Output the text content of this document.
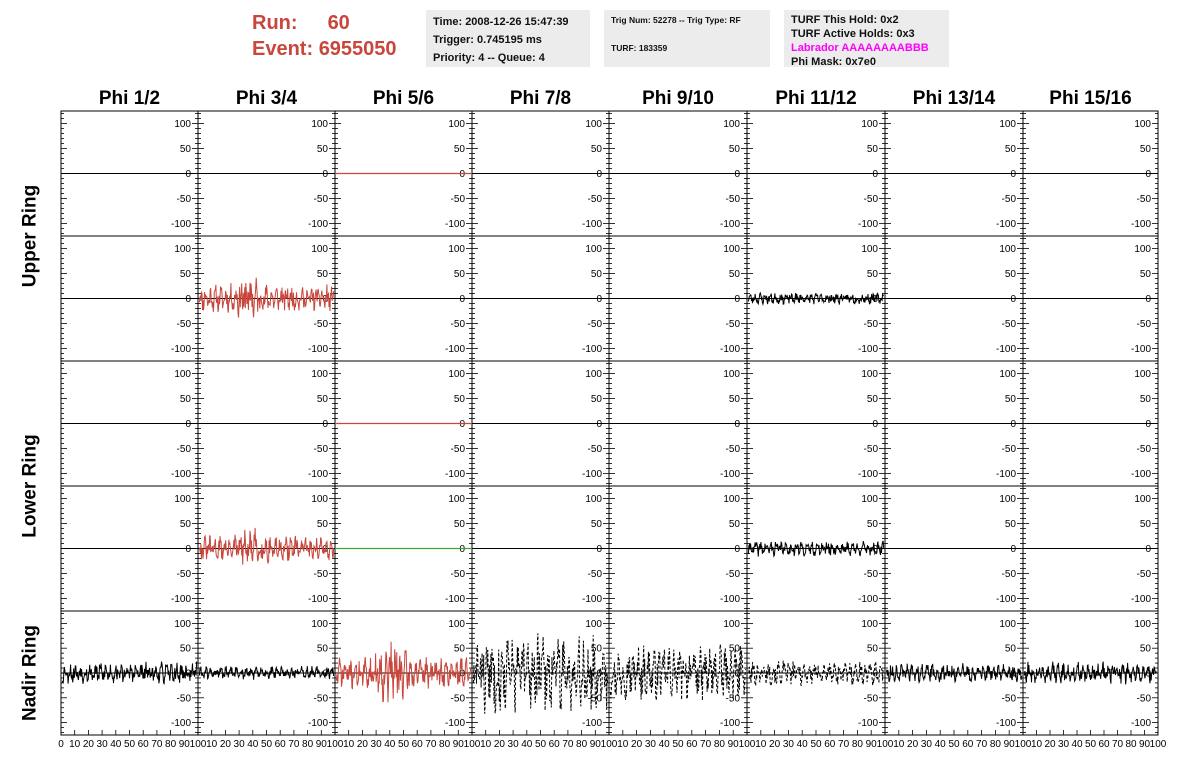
Run: 60
Event: 6955050
Time: 2008-12-26 15:47:39
Trigger: 0.745195 ms
Priority: 4 -- Queue: 4
Trig Num: 52278 -- Trig Type: RF
TURF: 183359
TURF This Hold: 0x2
TURF Active Holds: 0x3
Labrador AAAAAAAABBB
Phi Mask: 0x7e0
Phi 1/2	Phi 3/4	Phi 5/6	Phi 7/8	Phi 9/10	Phi 11/12	Phi 13/14	Phi 15/16
Upper Ring
Lower Ring
Nadir Ring
100
50
0
-50
-100
100
50
0
-50
-100
100
50
0
-50
-100
100
50
0
-50
-100
100
50
0
-50
-100
100
50
0
-50
-100
100
50
0
-50
-100
100
50
0
-50
-100
100
50
0
-50
-100
100
50
0
-50
-100
100
50
0
-50
-100
100
50
0
-50
-100
100
50
0
-50
-100
100
50
0
-50
-100
100
50
0
-50
-100
100
50
0
-50
-100
100
50
0
-50
-100
100
50
0
-50
-100
100
50
0
-50
-100
100
50
0
-50
-100
100
50
0
-50
-100
100
50
0
-50
-100
100
50
0
-50
-100
100
50
0
-50
-100
100
50
0
-50
-100
100
50
0
-50
-100
100
50
0
-50
-100
100
50
0
-50
-100
100
50
0
-50
-100
100
50
0
-50
-100
100
50
0
-50
-100
100
50
0
-50
-100
100
50
0
-50
-100
100
50
0
-50
-100
100
50
0
-50
-100
100
50
0
-50
-100
100
50
0
-50
-100
100
50
0
-50
-100
100
50
0
-50
-100
100
50
0
-50
-100
0 10 20 30 40 50 60 70 80 90 100 10 20 30 40 50 60 70 80 90 100 10 20 30 40 50 60 70 80 90 100 10 20 30 40 50 60 70 80 90 100 10 20 30 40 50 60 70 80 90 100 10 20 30 40 50 60 70 80 90 100 10 20 30 40 50 60 70 80 90 100 10 20 30 40 50 60 70 80 90 100
